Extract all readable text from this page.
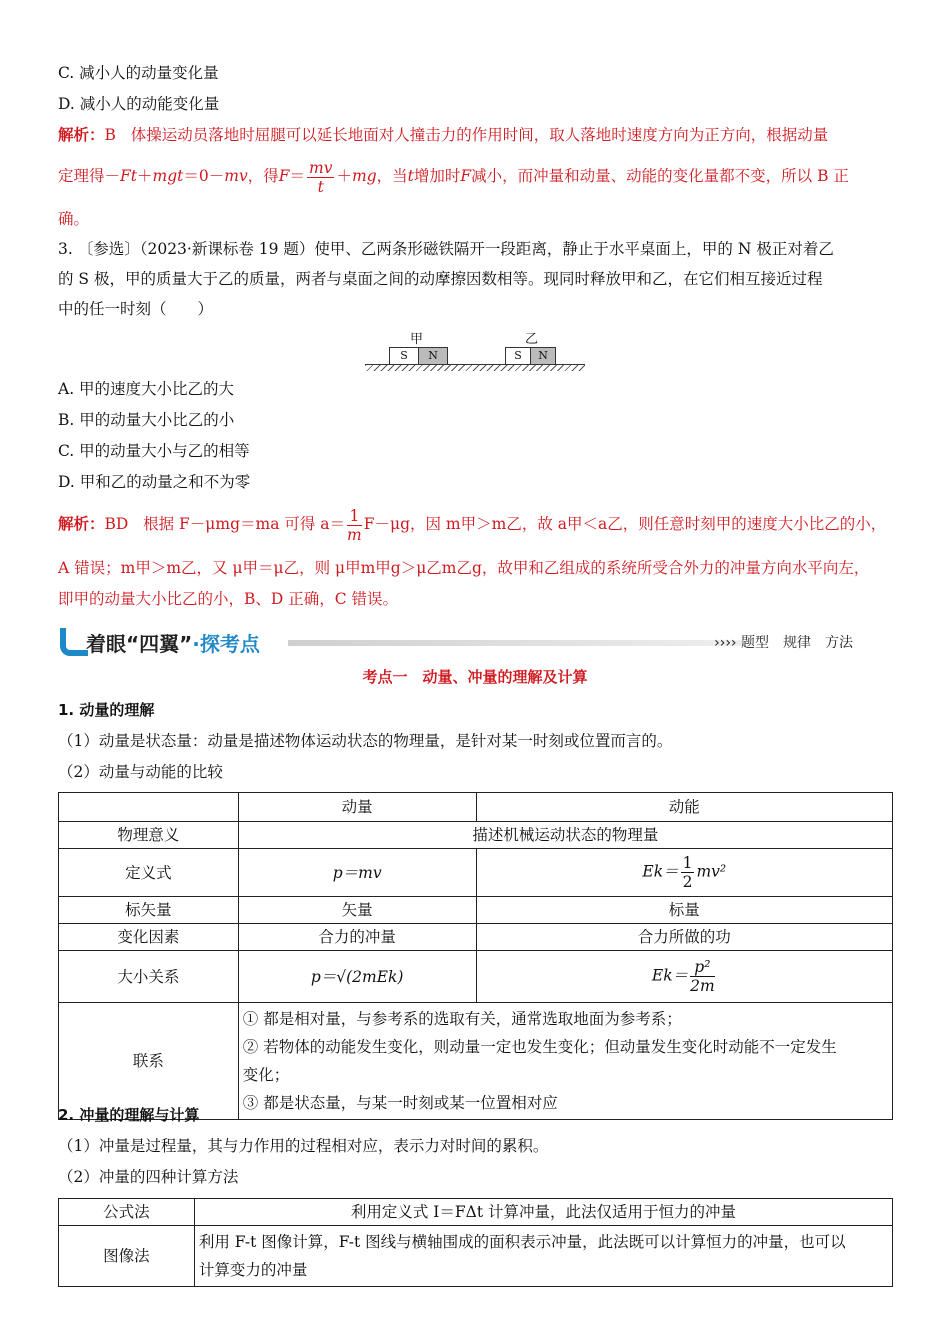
C. 减小人的动量变化量
D. 减小人的动能变化量
解析：B 体操运动员落地时屈腿可以延长地面对人撞击力的作用时间，取人落地时速度方向为正方向，根据动量
定理得－Ft＋mgt＝0－mv，得$F= \frac{mv}{t} +mg$，当t增加时F减小，而冲量和动量、动能的变化量都不变，所以 B 正
确。
3. 〔参选〕（2023·新课标卷 19 题）使甲、乙两条形磁铁隔开一段距离，静止于水平桌面上，甲的 N 极正对着乙
的 S 极，甲的质量大于乙的质量，两者与桌面之间的动摩擦因数相等。现同时释放甲和乙，在它们相互接近过程
中的任一时刻（　　）
甲	乙
S	N	S	N
A. 甲的速度大小比乙的大
B. 甲的动量大小比乙的小
C. 甲的动量大小与乙的相等
D. 甲和乙的动量之和不为零
解析：BD 根据 F－μmg＝ma 可得 $a= \frac{1}{m} F-\mu g$，因 m甲＞m乙，故 a甲＜a乙，则任意时刻甲的速度大小比乙的小，
A 错误；m甲＞m乙，又 μ甲＝μ乙，则 μ甲m甲g＞μ乙m乙g，故甲和乙组成的系统所受合外力的冲量方向水平向左，
即甲的动量大小比乙的小，B、D 正确，C 错误。
着眼“四翼”·探考点	›››› 题型　规律　方法
考点一　动量、冲量的理解及计算
1. 动量的理解
（1）动量是状态量：动量是描述物体运动状态的物理量，是针对某一时刻或位置而言的。
（2）动量与动能的比较
	动量	动能
物理意义	描述机械运动状态的物理量	
定义式	p＝mv	$Ek= \frac{1}{2} mv^2$
标矢量	矢量	标量
变化因素	合力的冲量	合力所做的功
大小关系	p＝√(2mEk)	$Ek= \frac{\text{p²}}{2m}$

联系	① 都是相对量，与参考系的选取有关，通常选取地面为参考系；
② 若物体的动能发生变化，则动量一定也发生变化；但动量发生变化时动能不一定发生
变化；
③ 都是状态量，与某一时刻或某一位置相对应	
2. 冲量的理解与计算
（1）冲量是过程量，其与力作用的过程相对应，表示力对时间的累积。
（2）冲量的四种计算方法
公式法	利用定义式 I＝FΔt 计算冲量，此法仅适用于恒力的冲量
图像法	利用 F-t 图像计算，F-t 图线与横轴围成的面积表示冲量，此法既可以计算恒力的冲量，也可以
计算变力的冲量
